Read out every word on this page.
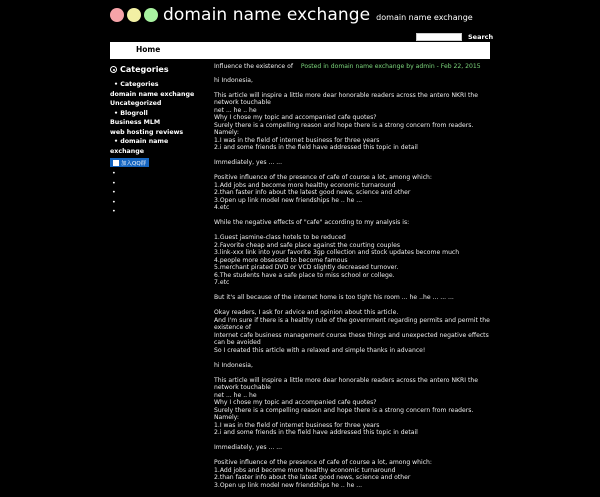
domain name exchange domain name exchange
Search
Home
Categories
• Categories
domain name exchange
Uncategorized
• Blogroll
Business MLM
web hosting reviews
• domain name
exchange
加入QQ群
•
•
•
•
•
Influence the existence of Posted in domain name exchange by admin - Feb 22, 2015
hi Indonesia,
This article will inspire a little more dear honorable readers across the antero NKRI the network touchable
net ... he .. he
Why I chose my topic and accompanied cafe quotes?
Surely there is a compelling reason and hope there is a strong concern from readers.
Namely:
1.I was in the field of internet business for three years
2.i and some friends in the field have addressed this topic in detail
Immediately, yes ... ...
Positive influence of the presence of cafe of course a lot, among which:
1.Add jobs and become more healthy economic turnaround
2.than faster info about the latest good news, science and other
3.Open up link model new friendships he .. he ...
4.etc
While the negative effects of "cafe" according to my analysis is:
1.Guest jasmine-class hotels to be reduced
2.Favorite cheap and safe place against the courting couples
3.link-xxx link into your favorite 3gp collection and stock updates become much
4.people more obsessed to become famous
5.merchant pirated DVD or VCD slightly decreased turnover.
6.The students have a safe place to miss school or college.
7.etc
But it's all because of the internet home is too tight his room ... he ..he ... ... ...
Okay readers, I ask for advice and opinion about this article.
And I'm sure if there is a healthy rule of the government regarding permits and permit the existence of
Internet cafe business management course these things and unexpected negative effects can be avoided
So I created this article with a relaxed and simple thanks in advance!
hi Indonesia,
This article will inspire a little more dear honorable readers across the antero NKRI the network touchable
net ... he .. he
Why I chose my topic and accompanied cafe quotes?
Surely there is a compelling reason and hope there is a strong concern from readers.
Namely:
1.I was in the field of internet business for three years
2.i and some friends in the field have addressed this topic in detail
Immediately, yes ... ...
Positive influence of the presence of cafe of course a lot, among which:
1.Add jobs and become more healthy economic turnaround
2.than faster info about the latest good news, science and other
3.Open up link model new friendships he .. he ...
